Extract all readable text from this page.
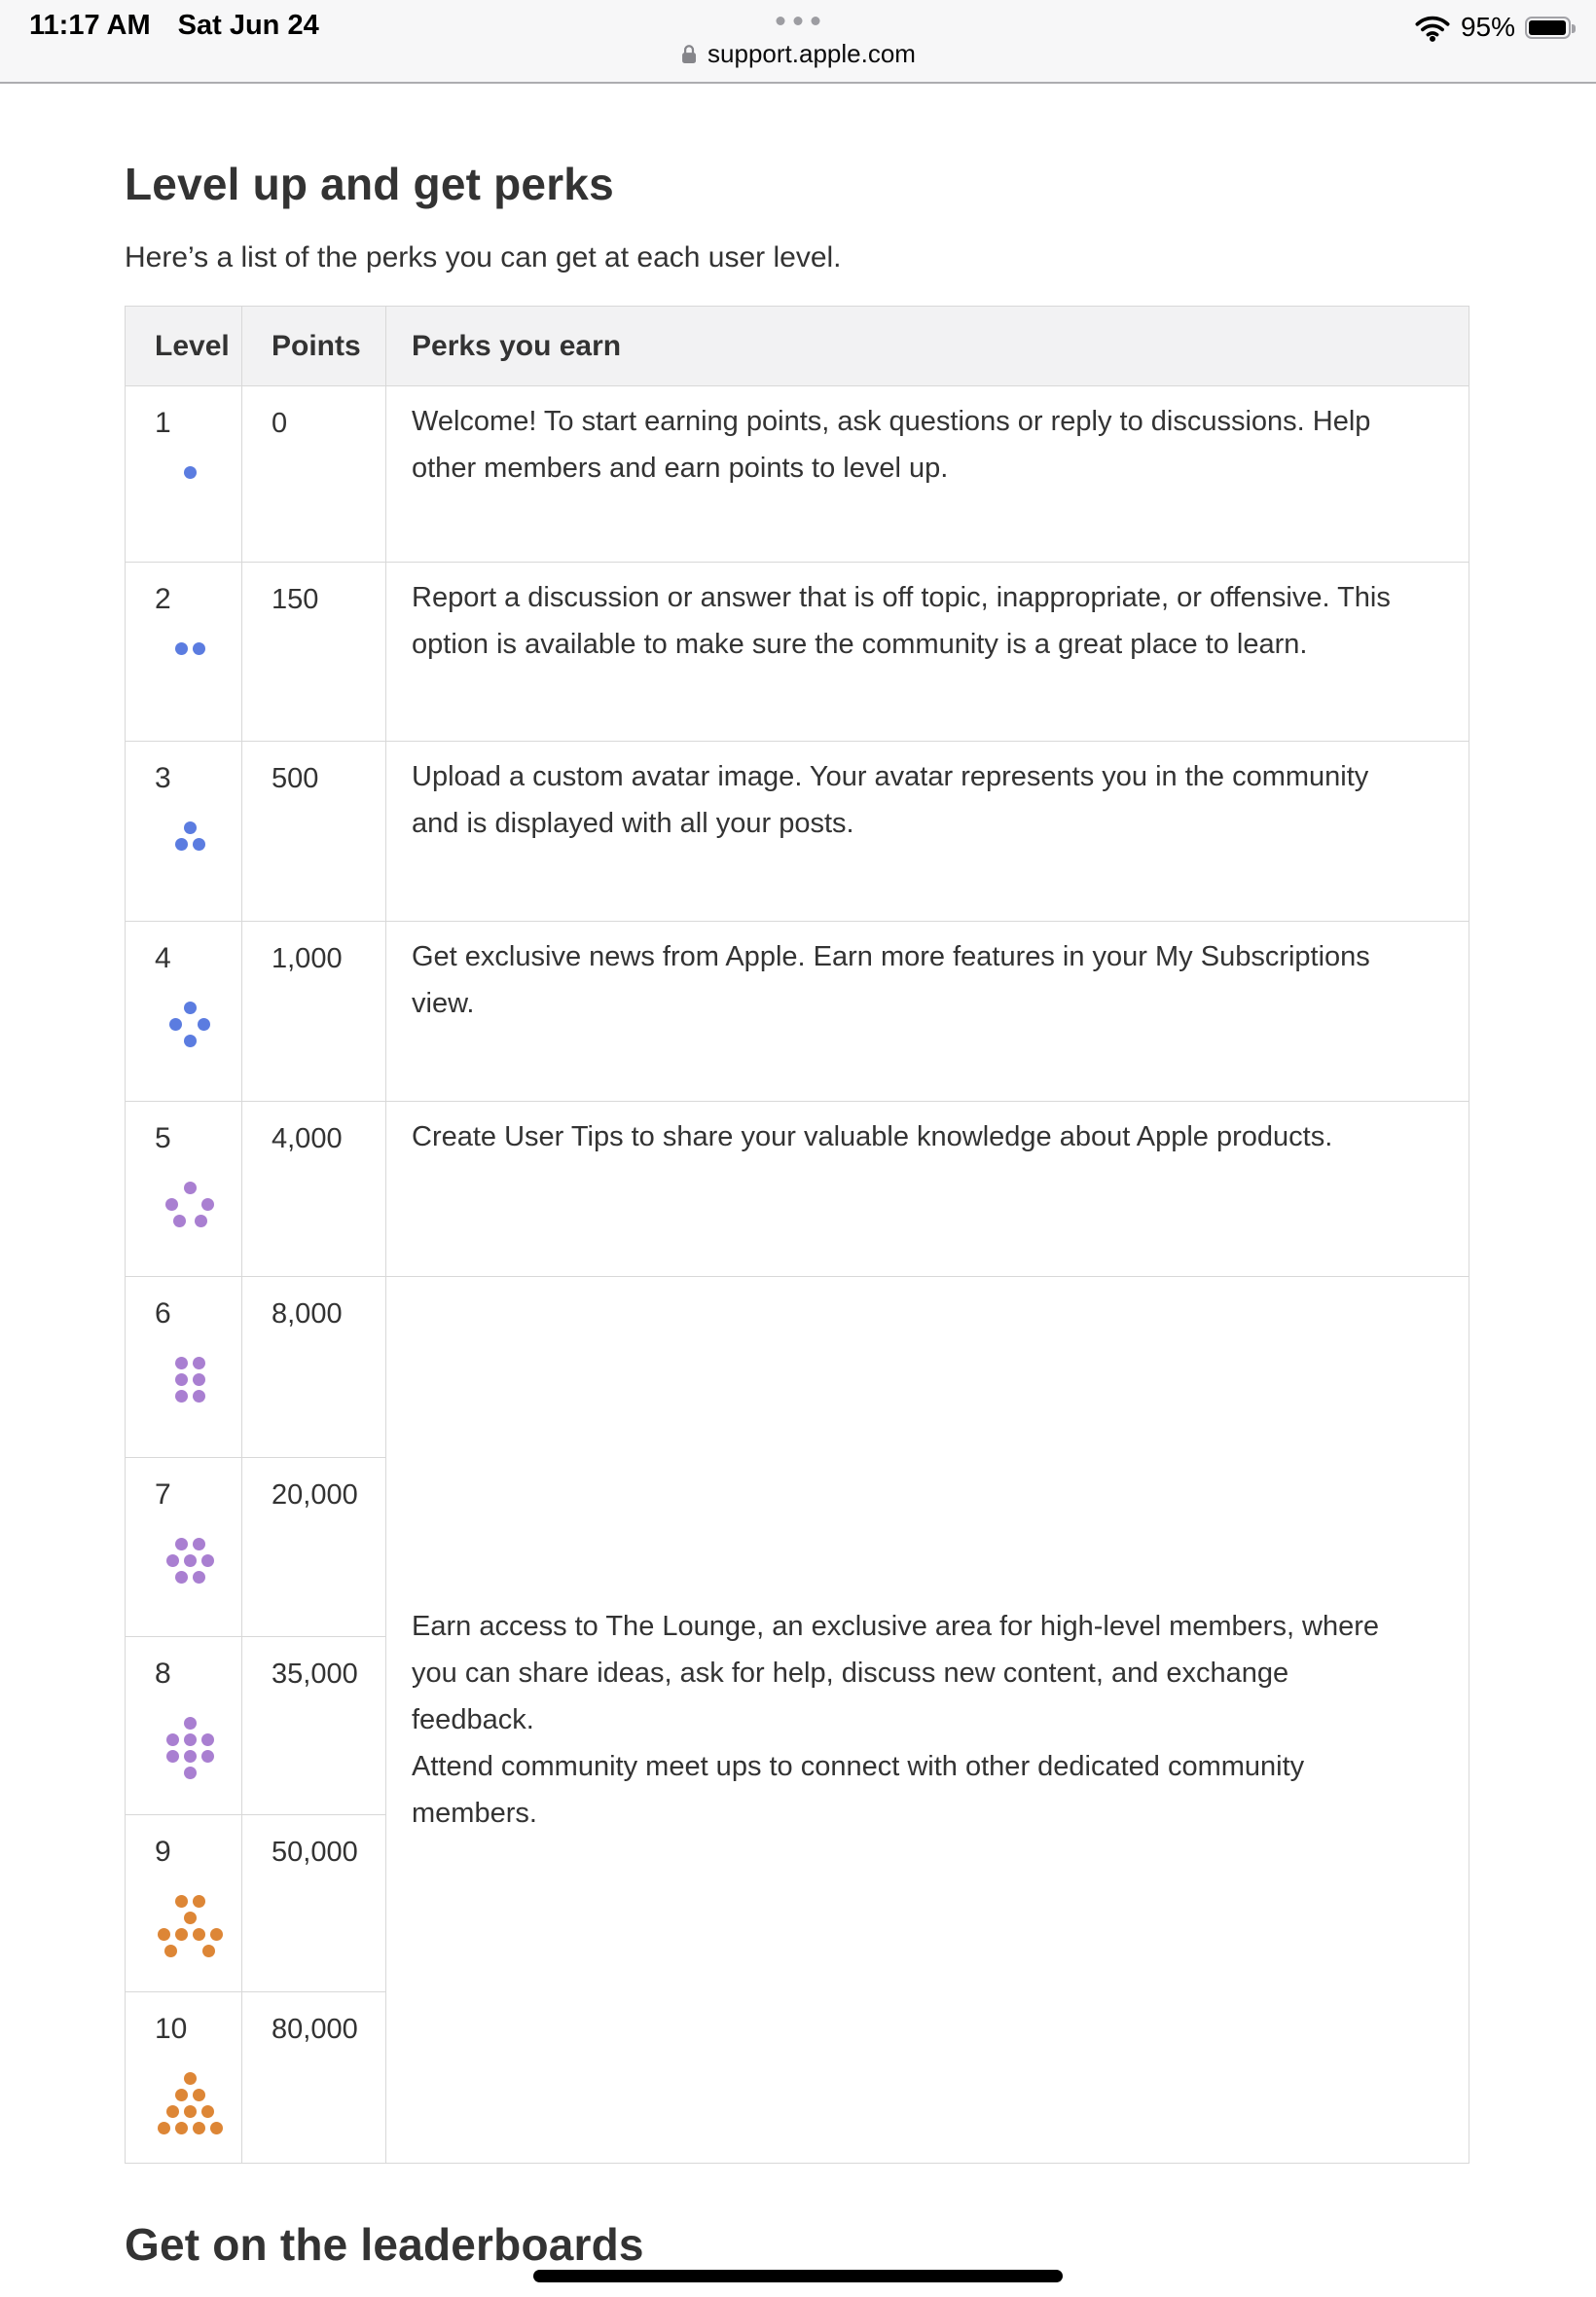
11:17 AM Sat Jun 24	95%
support.apple.com
Level up and get perks

Here’s a list of the perks you can get at each user level.

Level	Points	Perks you earn

1	0	Welcome! To start earning points, ask questions or reply to discussions. Help other members and earn points to level up.

2	150	Report a discussion or answer that is off topic, inappropriate, or offensive. This option is available to make sure the community is a great place to learn.

3	500	Upload a custom avatar image. Your avatar represents you in the community and is displayed with all your posts.

4	1,000	Get exclusive news from Apple. Earn more features in your My Subscriptions view.

5	4,000	Create User Tips to share your valuable knowledge about Apple products.

6	8,000	Earn access to The Lounge, an exclusive area for high-level members, where you can share ideas, ask for help, discuss new content, and exchange feedback.
Attend community meet ups to connect with other dedicated community members.

7	20,000	

8	35,000	

9	50,000	

10	80,000	
Get on the leaderboards
